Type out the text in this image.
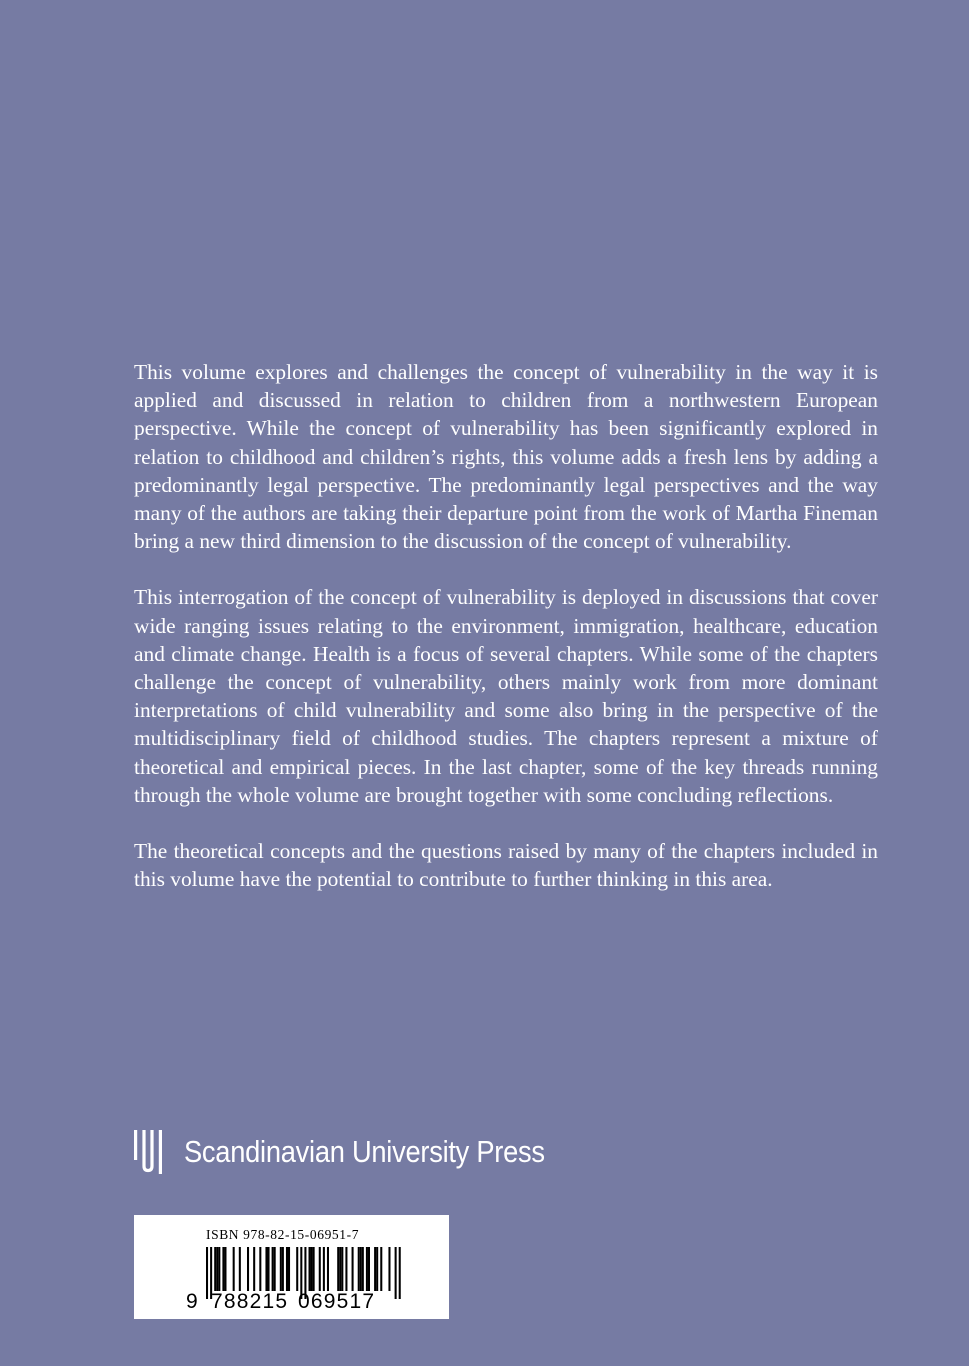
This volume explores and challenges the concept of vulnerability in the way it is applied and discussed in relation to children from a northwestern European perspective. While the concept of vulnerability has been significantly explored in relation to childhood and children’s rights, this volume adds a fresh lens by adding a predominantly legal perspective. The predominantly legal perspectives and the way many of the authors are taking their departure point from the work of Martha Fineman bring a new third dimension to the discussion of the concept of vulnerability.

This interrogation of the concept of vulnerability is deployed in discussions that cover wide ranging issues relating to the environment, immigration, healthcare, education and climate change. Health is a focus of several chapters. While some of the chapters challenge the concept of vulnerability, others mainly work from more dominant interpretations of child vulnerability and some also bring in the perspective of the multidisciplinary field of childhood studies. The chapters represent a mixture of theoretical and empirical pieces. In the last chapter, some of the key threads running through the whole volume are brought together with some concluding reflections.

The theoretical concepts and the questions raised by many of the chapters included in this volume have the potential to contribute to further thinking in this area.

Scandinavian University Press
ISBN 978-82-15-06951-7
9 788215 069517
